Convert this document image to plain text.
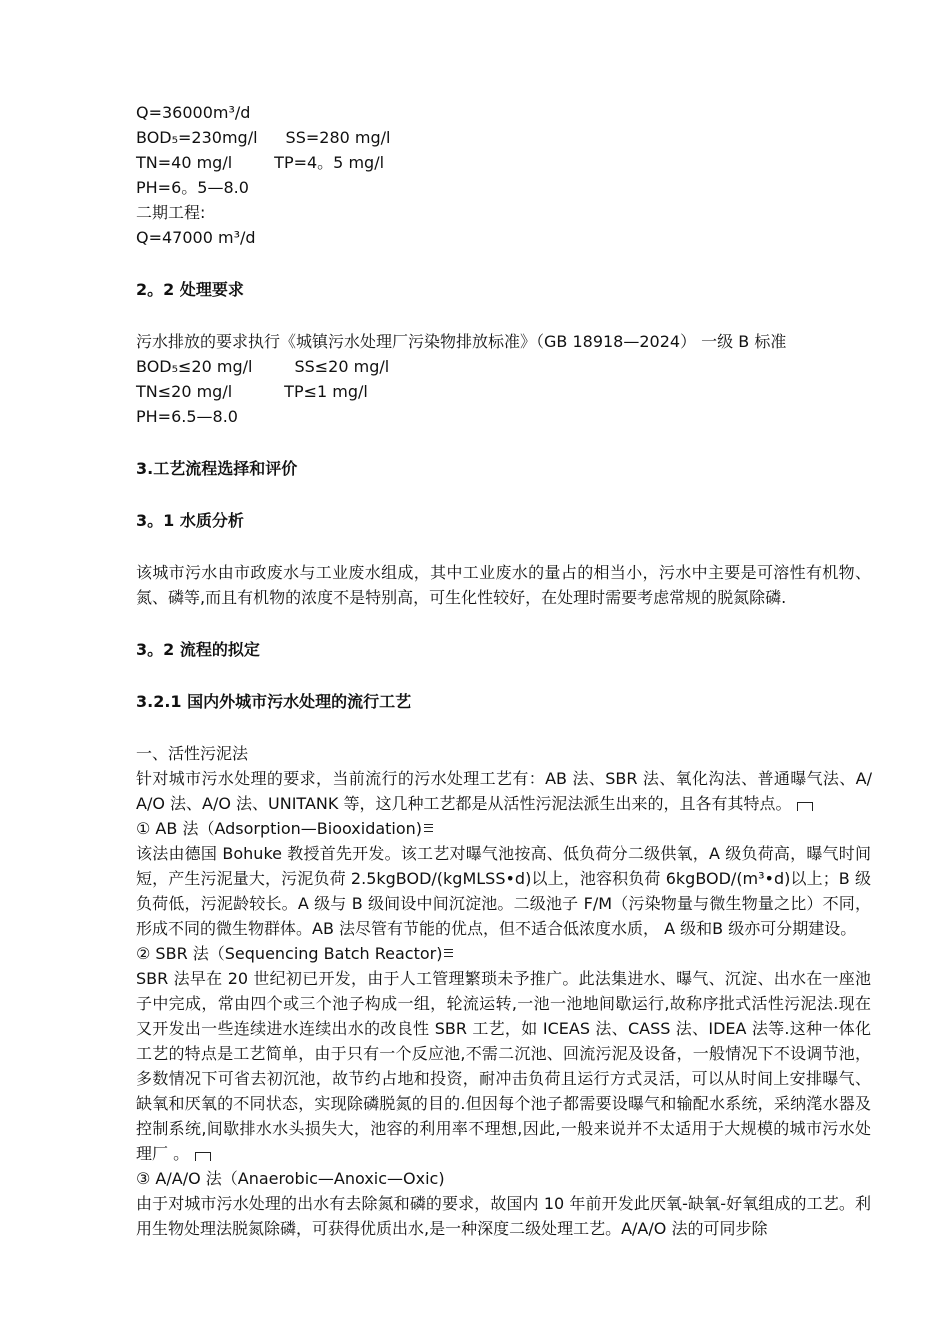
Q=36000m³/d
BOD₅=230mg/l SS=280 mg/l
TN=40 mg/l	TP=4。5 mg/l
PH=6。5—8.0
二期工程:
Q=47000 m³/d
2。2 处理要求
污水排放的要求执行《城镇污水处理厂污染物排放标准》（GB 18918—2024） 一级 B 标准
BOD₅≤20 mg/l	SS≤20 mg/l
TN≤20 mg/l	TP≤1 mg/l
PH=6.5—8.0
3.工艺流程选择和评价
3。1 水质分析
该城市污水由市政废水与工业废水组成，其中工业废水的量占的相当小，污水中主要是可溶性有机物、氮、磷等,而且有机物的浓度不是特别高，可生化性较好，在处理时需要考虑常规的脱氮除磷.
3。2 流程的拟定
3.2.1 国内外城市污水处理的流行工艺
一、活性污泥法
针对城市污水处理的要求，当前流行的污水处理工艺有：AB 法、SBR 法、氧化沟法、普通曝气法、A/A/O 法、A/O 法、UNITANK 等，这几种工艺都是从活性污泥法派生出来的，且各有其特点。
① AB 法（Adsorption—Biooxidation)
该法由德国 Bohuke 教授首先开发。该工艺对曝气池按高、低负荷分二级供氧，A 级负荷高，曝气时间短，产生污泥量大，污泥负荷 2.5kgBOD/(kgMLSS•d)以上，池容积负荷 6kgBOD/(m³•d)以上；B 级负荷低，污泥龄较长。A 级与 B 级间设中间沉淀池。二级池子 F/M（污染物量与微生物量之比）不同，形成不同的微生物群体。AB 法尽管有节能的优点，但不适合低浓度水质， A 级和B 级亦可分期建设。
② SBR 法（Sequencing Batch Reactor)
SBR 法早在 20 世纪初已开发，由于人工管理繁琐未予推广。此法集进水、曝气、沉淀、出水在一座池子中完成，常由四个或三个池子构成一组，轮流运转,一池一池地间歇运行,故称序批式活性污泥法.现在又开发出一些连续进水连续出水的改良性 SBR 工艺，如 ICEAS 法、CASS 法、IDEA 法等.这种一体化工艺的特点是工艺简单，由于只有一个反应池,不需二沉池、回流污泥及设备，一般情况下不设调节池，多数情况下可省去初沉池，故节约占地和投资，耐冲击负荷且运行方式灵活，可以从时间上安排曝气、缺氧和厌氧的不同状态，实现除磷脱氮的目的.但因每个池子都需要设曝气和输配水系统，采纳滗水器及控制系统,间歇排水水头损失大，池容的利用率不理想,因此,一般来说并不太适用于大规模的城市污水处理厂 。
③ A/A/O 法（Anaerobic—Anoxic—Oxic)
由于对城市污水处理的出水有去除氮和磷的要求，故国内 10 年前开发此厌氧-缺氧-好氧组成的工艺。利用生物处理法脱氮除磷，可获得优质出水,是一种深度二级处理工艺。A/A/O 法的可同步除
